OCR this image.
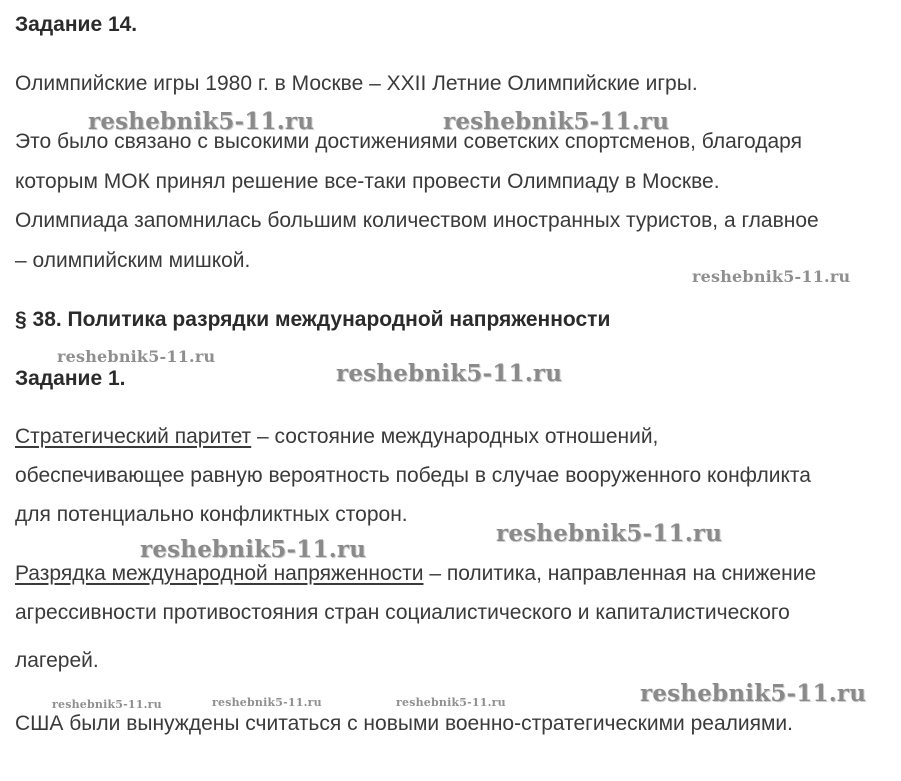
Задание 14.
Олимпийские игры 1980 г. в Москве – XXII Летние Олимпийские игры.
Это было связано с высокими достижениями советских спортсменов, благодаря
которым МОК принял решение все-таки провести Олимпиаду в Москве.
Олимпиада запомнилась большим количеством иностранных туристов, а главное
– олимпийским мишкой.
§ 38. Политика разрядки международной напряженности
Задание 1.
Стратегический паритет – состояние международных отношений,
обеспечивающее равную вероятность победы в случае вооруженного конфликта
для потенциально конфликтных сторон.
Разрядка международной напряженности – политика, направленная на снижение
агрессивности противостояния стран социалистического и капиталистического
лагерей.
США были вынуждены считаться с новыми военно-стратегическими реалиями.
reshebnik5-11.ru	reshebnik5-11.ru
reshebnik5-11.ru
reshebnik5-11.ru
reshebnik5-11.ru
reshebnik5-11.ru
reshebnik5-11.ru
reshebnik5-11.ru	reshebnik5-11.ru	reshebnik5-11.ru	reshebnik5-11.ru
